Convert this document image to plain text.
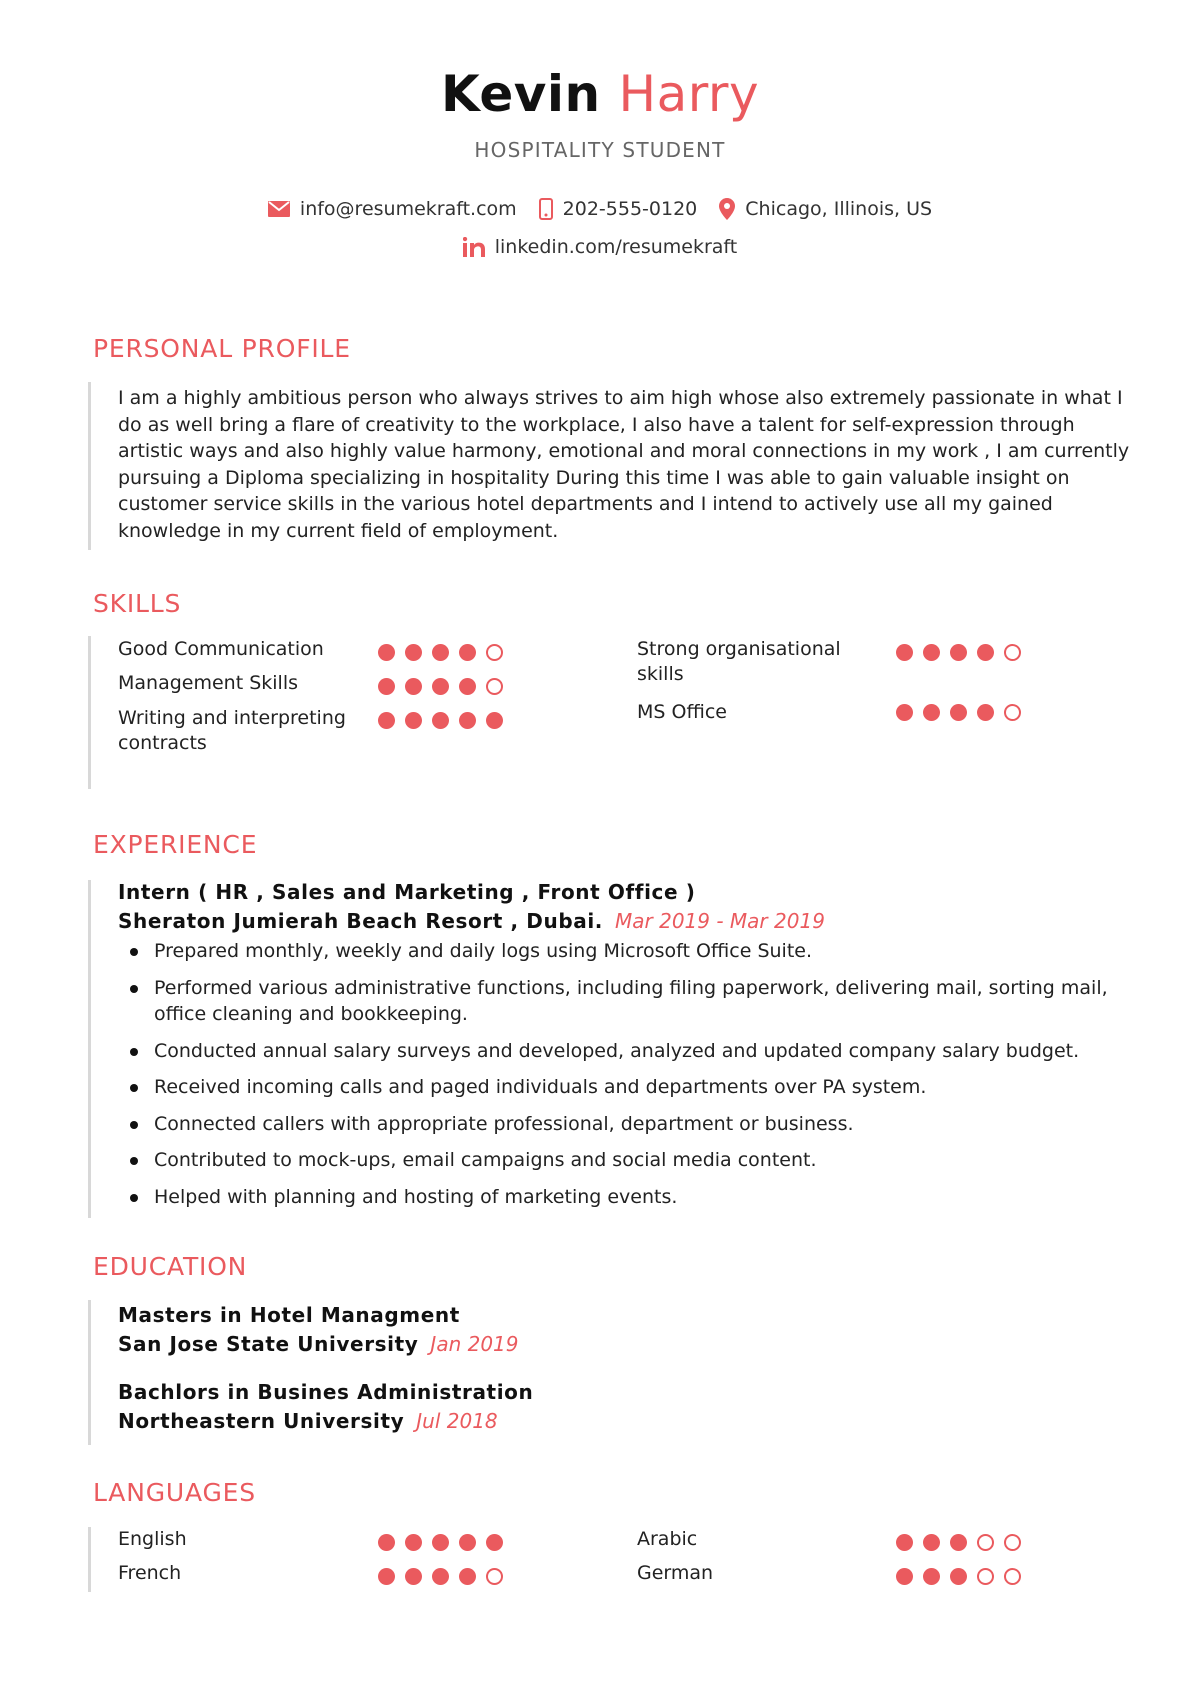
Kevin Harry
HOSPITALITY STUDENT
info@resumekraft.com 202-555-0120	Chicago, Illinois, US
linkedin.com/resumekraft
PERSONAL PROFILE
I am a highly ambitious person who always strives to aim high whose also extremely passionate in what I do as well bring a flare of creativity to the workplace, I also have a talent for self-expression through artistic ways and also highly value harmony, emotional and moral connections in my work , I am currently pursuing a Diploma specializing in hospitality During this time I was able to gain valuable insight on customer service skills in the various hotel departments and I intend to actively use all my gained knowledge in my current field of employment.
SKILLS
Good Communication
Management Skills
Writing and interpreting contracts
Strong organisational skills
MS Office
EXPERIENCE
Intern ( HR , Sales and Marketing , Front Office )
Sheraton Jumierah Beach Resort , Dubai. Mar 2019 - Mar 2019
Prepared monthly, weekly and daily logs using Microsoft Office Suite.
Performed various administrative functions, including filing paperwork, delivering mail, sorting mail, office cleaning and bookkeeping.
Conducted annual salary surveys and developed, analyzed and updated company salary budget.
Received incoming calls and paged individuals and departments over PA system.
Connected callers with appropriate professional, department or business.
Contributed to mock-ups, email campaigns and social media content.
Helped with planning and hosting of marketing events.
EDUCATION
Masters in Hotel Managment
San Jose State University Jan 2019
Bachlors in Busines Administration
Northeastern University Jul 2018
LANGUAGES
English
French
Arabic
German
